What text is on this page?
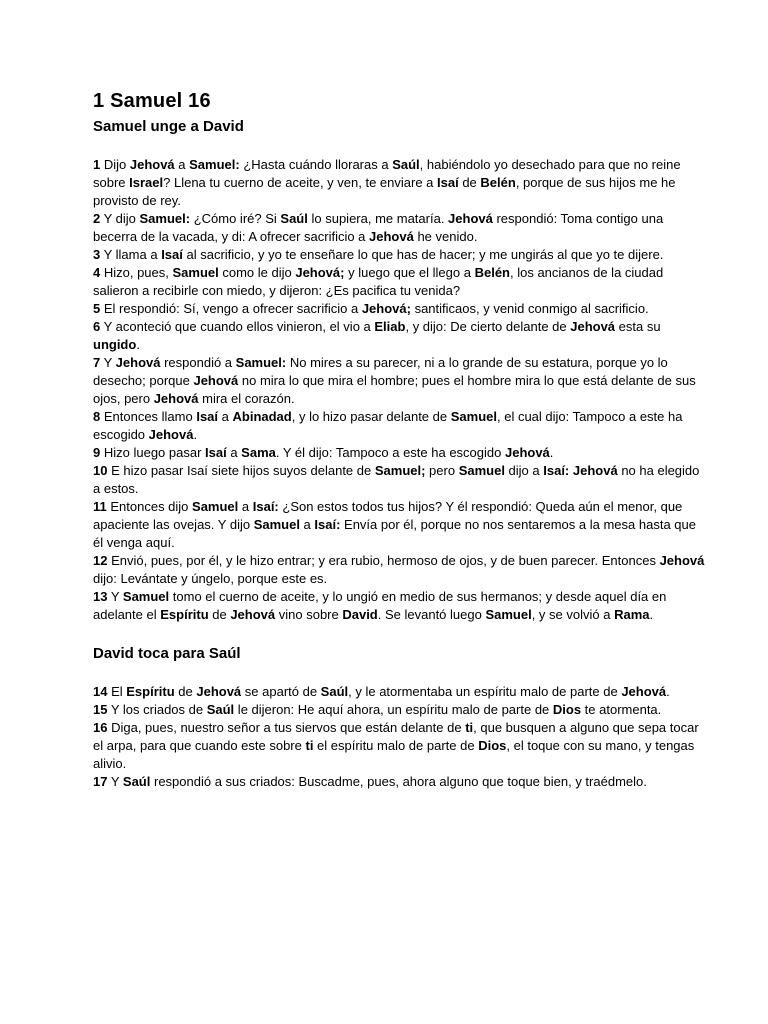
1 Samuel 16
Samuel unge a David

1 Dijo Jehová a Samuel: ¿Hasta cuándo lloraras a Saúl, habiéndolo yo desechado para que no reine sobre Israel? Llena tu cuerno de aceite, y ven, te enviare a Isaí de Belén, porque de sus hijos me he provisto de rey.

2 Y dijo Samuel: ¿Cómo iré? Si Saúl lo supiera, me mataría. Jehová respondió: Toma contigo una becerra de la vacada, y di: A ofrecer sacrificio a Jehová he venido.

3 Y llama a Isaí al sacrificio, y yo te enseñare lo que has de hacer; y me ungirás al que yo te dijere.

4 Hizo, pues, Samuel como le dijo Jehová; y luego que el llego a Belén, los ancianos de la ciudad salieron a recibirle con miedo, y dijeron: ¿Es pacifica tu venida?

5 El respondió: Sí, vengo a ofrecer sacrificio a Jehová; santificaos, y venid conmigo al sacrificio.

6 Y aconteció que cuando ellos vinieron, el vio a Eliab, y dijo: De cierto delante de Jehová esta su ungido.

7 Y Jehová respondió a Samuel: No mires a su parecer, ni a lo grande de su estatura, porque yo lo desecho; porque Jehová no mira lo que mira el hombre; pues el hombre mira lo que está delante de sus ojos, pero Jehová mira el corazón.

8 Entonces llamo Isaí a Abinadad, y lo hizo pasar delante de Samuel, el cual dijo: Tampoco a este ha escogido Jehová.

9 Hizo luego pasar Isaí a Sama. Y él dijo: Tampoco a este ha escogido Jehová.

10 E hizo pasar Isaí siete hijos suyos delante de Samuel; pero Samuel dijo a Isaí: Jehová no ha elegido a estos.

11 Entonces dijo Samuel a Isaí: ¿Son estos todos tus hijos? Y él respondió: Queda aún el menor, que apaciente las ovejas. Y dijo Samuel a Isaí: Envía por él, porque no nos sentaremos a la mesa hasta que él venga aquí.

12 Envió, pues, por él, y le hizo entrar; y era rubio, hermoso de ojos, y de buen parecer. Entonces Jehová dijo: Levántate y úngelo, porque este es.

13 Y Samuel tomo el cuerno de aceite, y lo ungió en medio de sus hermanos; y desde aquel día en adelante el Espíritu de Jehová vino sobre David. Se levantó luego Samuel, y se volvió a Rama.

David toca para Saúl

14 El Espíritu de Jehová se apartó de Saúl, y le atormentaba un espíritu malo de parte de Jehová.

15 Y los criados de Saúl le dijeron: He aquí ahora, un espíritu malo de parte de Dios te atormenta.

16 Diga, pues, nuestro señor a tus siervos que están delante de ti, que busquen a alguno que sepa tocar el arpa, para que cuando este sobre ti el espíritu malo de parte de Dios, el toque con su mano, y tengas alivio.

17 Y Saúl respondió a sus criados: Buscadme, pues, ahora alguno que toque bien, y traédmelo.
